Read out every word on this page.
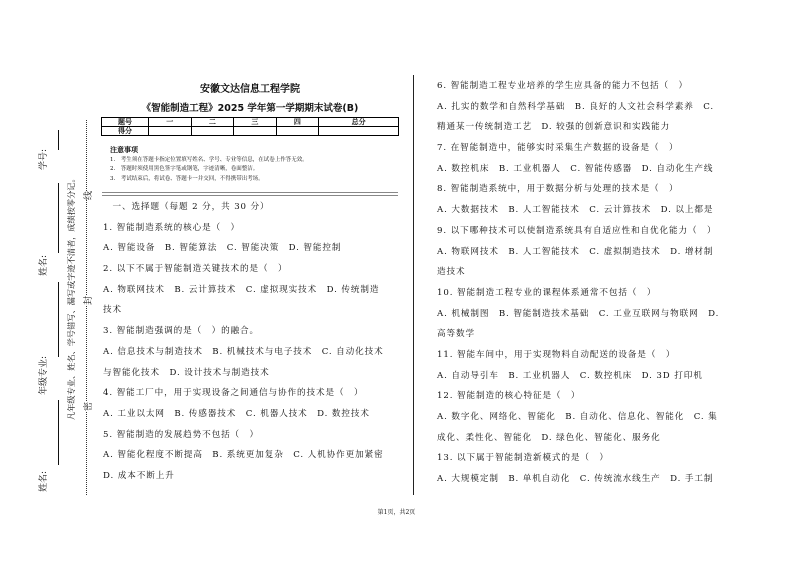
学号:
姓名:
年级专业:
姓名:
凡年级专业、姓名、学号错写、漏写或字迹不清者，成绩按零分记。 密
封
线
安徽文达信息工程学院
《智能制造工程》2025 学年第一学期期末试卷(B)
题号	一	二	三	四	总分
得分					
注意事项
1.　考生须在答题卡指定位置填写姓名、学号、专业等信息，在试卷上作答无效。
2.　答题时须使用黑色签字笔或钢笔，字迹清晰，卷面整洁。
3.　考试结束后，将试卷、答题卡一并交回，不得携带出考场。
　一、选择题（每题 2 分，共 30 分）
1. 智能制造系统的核心是（　）
A. 智能设备　B. 智能算法　C. 智能决策　D. 智能控制
2. 以下不属于智能制造关键技术的是（　）
A. 物联网技术　B. 云计算技术　C. 虚拟现实技术　D. 传统制造
技术
3. 智能制造强调的是（　）的融合。
A. 信息技术与制造技术　B. 机械技术与电子技术　C. 自动化技术
与智能化技术　D. 设计技术与制造技术
4. 智能工厂中，用于实现设备之间通信与协作的技术是（　）
A. 工业以太网　B. 传感器技术　C. 机器人技术　D. 数控技术
5. 智能制造的发展趋势不包括（　）
A. 智能化程度不断提高　B. 系统更加复杂　C. 人机协作更加紧密
D. 成本不断上升
6. 智能制造工程专业培养的学生应具备的能力不包括（　）
A. 扎实的数学和自然科学基础　B. 良好的人文社会科学素养　C.
精通某一传统制造工艺　D. 较强的创新意识和实践能力
7. 在智能制造中，能够实时采集生产数据的设备是（　）
A. 数控机床　B. 工业机器人　C. 智能传感器　D. 自动化生产线
8. 智能制造系统中，用于数据分析与处理的技术是（　）
A. 大数据技术　B. 人工智能技术　C. 云计算技术　D. 以上都是
9. 以下哪种技术可以使制造系统具有自适应性和自优化能力（　）
A. 物联网技术　B. 人工智能技术　C. 虚拟制造技术　D. 增材制
造技术
10. 智能制造工程专业的课程体系通常不包括（　）
A. 机械制图　B. 智能制造技术基础　C. 工业互联网与物联网　D.
高等数学
11. 智能车间中，用于实现物料自动配送的设备是（　）
A. 自动导引车　B. 工业机器人　C. 数控机床　D. 3D 打印机
12. 智能制造的核心特征是（　）
A. 数字化、网络化、智能化　B. 自动化、信息化、智能化　C. 集
成化、柔性化、智能化　D. 绿色化、智能化、服务化
13. 以下属于智能制造新模式的是（　）
A. 大规模定制　B. 单机自动化　C. 传统流水线生产　D. 手工制
第1页，共2页
